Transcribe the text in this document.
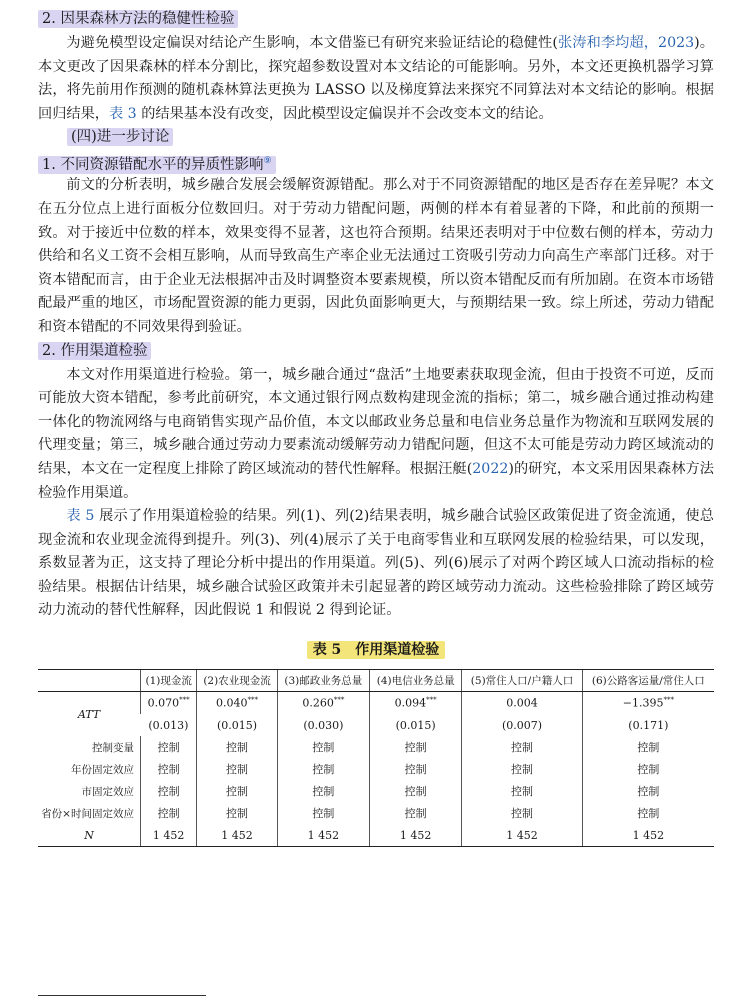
2. 因果森林方法的稳健性检验

为避免模型设定偏误对结论产生影响，本文借鉴已有研究来验证结论的稳健性(张涛和李均超，2023)。本文更改了因果森林的样本分割比，探究超参数设置对本文结论的可能影响。另外，本文还更换机器学习算法，将先前用作预测的随机森林算法更换为 LASSO 以及梯度算法来探究不同算法对本文结论的影响。根据回归结果，表 3 的结果基本没有改变，因此模型设定偏误并不会改变本文的结论。

(四)进一步讨论
1. 不同资源错配水平的异质性影响⑨

前文的分析表明，城乡融合发展会缓解资源错配。那么对于不同资源错配的地区是否存在差异呢？本文在五分位点上进行面板分位数回归。对于劳动力错配问题，两侧的样本有着显著的下降，和此前的预期一致。对于接近中位数的样本，效果变得不显著，这也符合预期。结果还表明对于中位数右侧的样本，劳动力供给和名义工资不会相互影响，从而导致高生产率企业无法通过工资吸引劳动力向高生产率部门迁移。对于资本错配而言，由于企业无法根据冲击及时调整资本要素规模，所以资本错配反而有所加剧。在资本市场错配最严重的地区，市场配置资源的能力更弱，因此负面影响更大，与预期结果一致。综上所述，劳动力错配和资本错配的不同效果得到验证。

2. 作用渠道检验

本文对作用渠道进行检验。第一，城乡融合通过“盘活”土地要素获取现金流，但由于投资不可逆，反而可能放大资本错配，参考此前研究，本文通过银行网点数构建现金流的指标；第二，城乡融合通过推动构建一体化的物流网络与电商销售实现产品价值，本文以邮政业务总量和电信业务总量作为物流和互联网发展的代理变量；第三，城乡融合通过劳动力要素流动缓解劳动力错配问题，但这不太可能是劳动力跨区域流动的结果，本文在一定程度上排除了跨区域流动的替代性解释。根据汪艇(2022)的研究，本文采用因果森林方法检验作用渠道。

表 5 展示了作用渠道检验的结果。列(1)、列(2)结果表明，城乡融合试验区政策促进了资金流通，使总现金流和农业现金流得到提升。列(3)、列(4)展示了关于电商零售业和互联网发展的检验结果，可以发现，系数显著为正，这支持了理论分析中提出的作用渠道。列(5)、列(6)展示了对两个跨区域人口流动指标的检验结果。根据估计结果，城乡融合试验区政策并未引起显著的跨区域劳动力流动。这些检验排除了跨区域劳动力流动的替代性解释，因此假说 1 和假说 2 得到论证。

表 5　作用渠道检验
	(1)现金流	(2)农业现金流	(3)邮政业务总量	(4)电信业务总量	(5)常住人口/户籍人口	(6)公路客运量/常住人口
ATT	0.070***	0.040***	0.260***	0.094***	0.004	−1.395***
	(0.013)	(0.015)	(0.030)	(0.015)	(0.007)	(0.171)
控制变量	控制	控制	控制	控制	控制	控制
年份固定效应	控制	控制	控制	控制	控制	控制
市固定效应	控制	控制	控制	控制	控制	控制
省份×时间固定效应	控制	控制	控制	控制	控制	控制
N	1 452	1 452	1 452	1 452	1 452	1 452
